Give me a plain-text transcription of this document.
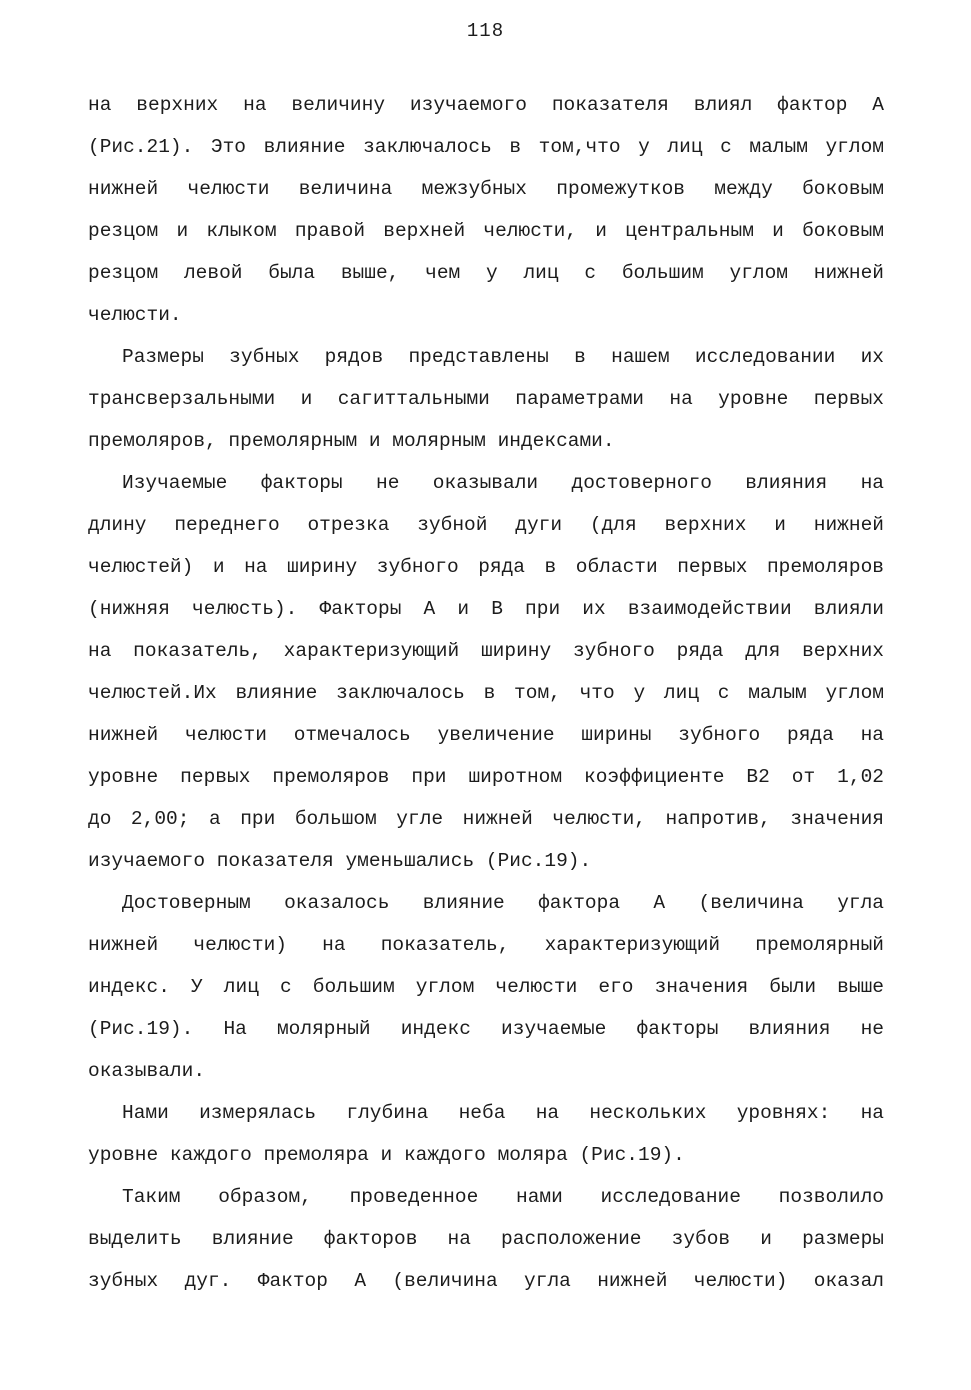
118
на верхних на величину изучаемого показателя влиял фактор А
(Рис.21). Это влияние заключалось в том,что у лиц с малым углом
нижней челюсти величина межзубных промежутков между боковым
резцом и клыком правой верхней челюсти, и центральным и боковым
резцом левой была выше, чем у лиц с большим углом нижней
челюсти.
Размеры зубных рядов представлены в нашем исследовании их
трансверзальными и сагиттальными параметрами на уровне первых
премоляров, премолярным и молярным индексами.
Изучаемые факторы не оказывали достоверного влияния на
длину переднего отрезка зубной дуги (для верхних и нижней
челюстей) и на ширину зубного ряда в области первых премоляров
(нижняя челюсть). Факторы А и В при их взаимодействии влияли
на показатель, характеризующий ширину зубного ряда для верхних
челюстей.Их влияние заключалось в том, что у лиц с малым углом
нижней челюсти отмечалось увеличение ширины зубного ряда на
уровне первых премоляров при широтном коэффициенте В2 от 1,02
до 2,00; а при большом угле нижней челюсти, напротив, значения
изучаемого показателя уменьшались (Рис.19).
Достоверным оказалось влияние фактора А (величина угла
нижней челюсти) на показатель, характеризующий премолярный
индекс. У лиц с большим углом челюсти его значения были выше
(Рис.19). На молярный индекс изучаемые факторы влияния не
оказывали.
Нами измерялась глубина неба на нескольких уровнях: на
уровне каждого премоляра и каждого моляра (Рис.19).
Таким образом, проведенное нами исследование позволило
выделить влияние факторов на расположение зубов и размеры
зубных дуг. Фактор А (величина угла нижней челюсти) оказал
